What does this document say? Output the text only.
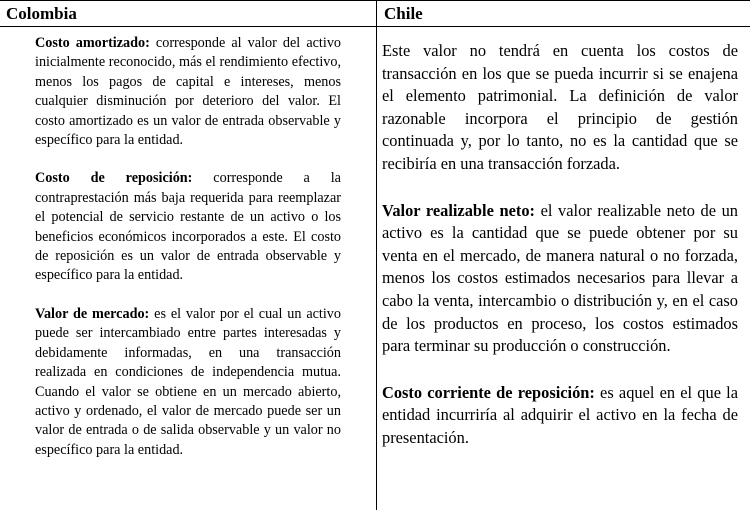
Colombia	Chile

Costo amortizado: corresponde al valor del activo inicialmente reconocido, más el rendimiento efectivo, menos los pagos de capital e intereses, menos cualquier disminución por deterioro del valor. El costo amortizado es un valor de entrada observable y específico para la entidad.

Costo de reposición: corresponde a la contraprestación más baja requerida para reemplazar el potencial de servicio restante de un activo o los beneficios económicos incorporados a este. El costo de reposición es un valor de entrada observable y específico para la entidad.

Valor de mercado: es el valor por el cual un activo puede ser intercambiado entre partes interesadas y debidamente informadas, en una transacción realizada en condiciones de independencia mutua. Cuando el valor se obtiene en un mercado abierto, activo y ordenado, el valor de mercado puede ser un valor de entrada o de salida observable y un valor no específico para la entidad.

Este valor no tendrá en cuenta los costos de transacción en los que se pueda incurrir si se enajena el elemento patrimonial. La definición de valor razonable incorpora el principio de gestión continuada y, por lo tanto, no es la cantidad que se recibiría en una transacción forzada.

Valor realizable neto: el valor realizable neto de un activo es la cantidad que se puede obtener por su venta en el mercado, de manera natural o no forzada, menos los costos estimados necesarios para llevar a cabo la venta, intercambio o distribución y, en el caso de los productos en proceso, los costos estimados para terminar su producción o construcción.

Costo corriente de reposición: es aquel en el que la entidad incurriría al adquirir el activo en la fecha de presentación.
